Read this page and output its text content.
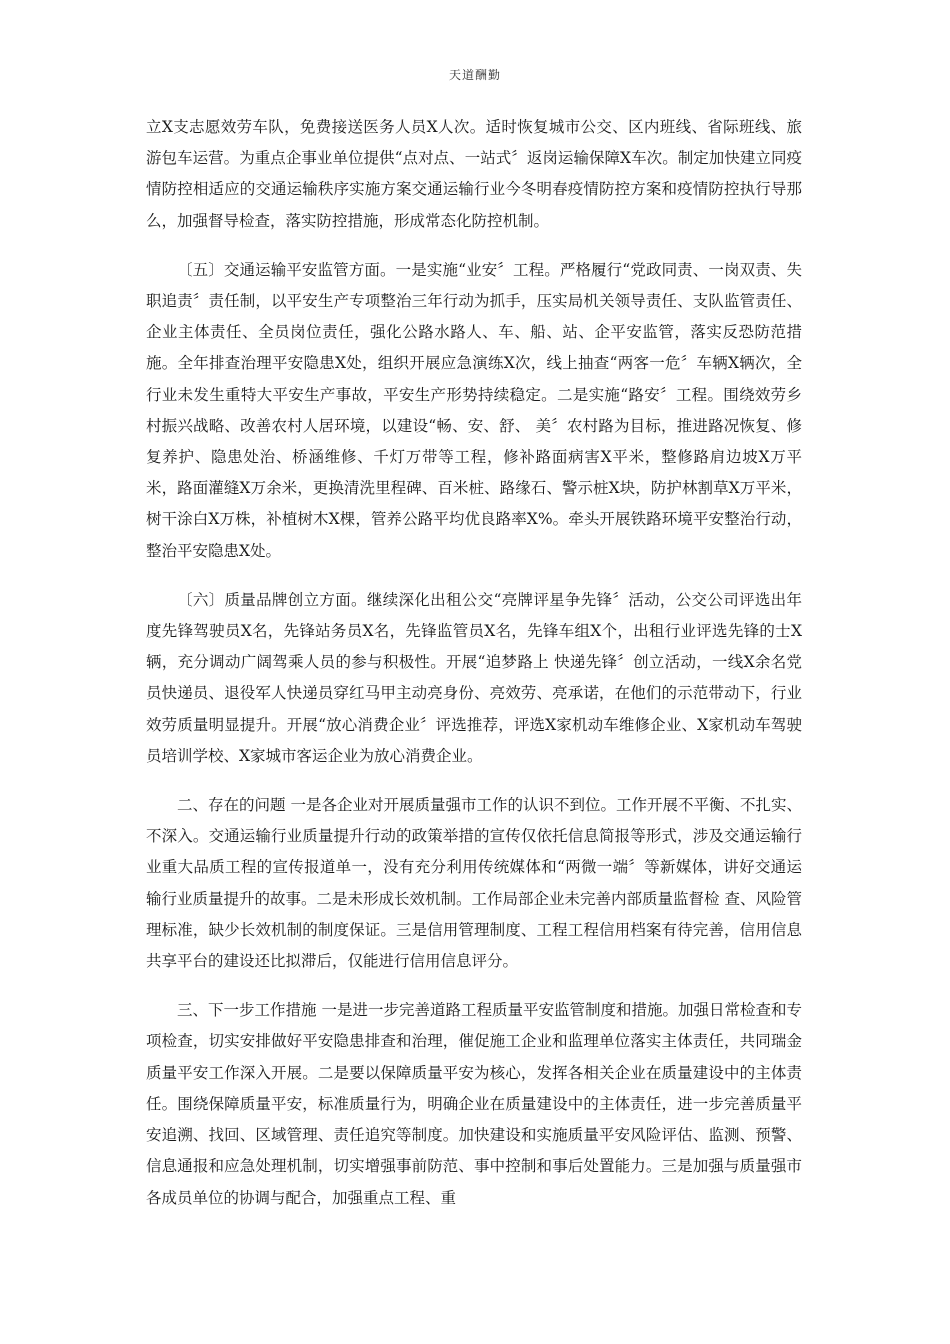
天道酬勤

立X支志愿效劳车队，免费接送医务人员X人次。适时恢复城市公交、区内班线、省际班线、旅游包车运营。为重点企事业单位提供“点对点、一站式〞返岗运输保障X车次。制定加快建立同疫情防控相适应的交通运输秩序实施方案交通运输行业今冬明春疫情防控方案和疫情防控执行导那么，加强督导检查，落实防控措施，形成常态化防控机制。

〔五〕交通运输平安监管方面。一是实施“业安〞工程。严格履行“党政同责、一岗双责、失职追责〞责任制，以平安生产专项整治三年行动为抓手，压实局机关领导责任、支队监管责任、企业主体责任、全员岗位责任，强化公路水路人、车、船、站、企平安监管，落实反恐防范措施。全年排查治理平安隐患X处，组织开展应急演练X次，线上抽查“两客一危〞车辆X辆次，全行业未发生重特大平安生产事故，平安生产形势持续稳定。二是实施“路安〞工程。围绕效劳乡村振兴战略、改善农村人居环境，以建设“畅、安、舒、 美〞农村路为目标，推进路况恢复、修复养护、隐患处治、桥涵维修、千灯万带等工程，修补路面病害X平米，整修路肩边坡X万平米，路面灌缝X万余米，更换清洗里程碑、百米桩、路缘石、警示桩X块，防护林割草X万平米，树干涂白X万株，补植树木X棵，管养公路平均优良路率X%。牵头开展铁路环境平安整治行动，整治平安隐患X处。

〔六〕质量品牌创立方面。继续深化出租公交“亮牌评星争先锋〞活动，公交公司评选出年度先锋驾驶员X名，先锋站务员X名，先锋监管员X名，先锋车组X个，出租行业评选先锋的士X辆，充分调动广阔驾乘人员的参与积极性。开展“追梦路上 快递先锋〞创立活动，一线X余名党员快递员、退役军人快递员穿红马甲主动亮身份、亮效劳、亮承诺，在他们的示范带动下，行业效劳质量明显提升。开展“放心消费企业〞评选推荐，评选X家机动车维修企业、X家机动车驾驶员培训学校、X家城市客运企业为放心消费企业。

二、存在的问题 一是各企业对开展质量强市工作的认识不到位。工作开展不平衡、不扎实、不深入。交通运输行业质量提升行动的政策举措的宣传仅依托信息简报等形式，涉及交通运输行业重大品质工程的宣传报道单一，没有充分利用传统媒体和“两微一端〞等新媒体，讲好交通运输行业质量提升的故事。二是未形成长效机制。工作局部企业未完善内部质量监督检 查、风险管理标准，缺少长效机制的制度保证。三是信用管理制度、工程工程信用档案有待完善，信用信息共享平台的建设还比拟滞后，仅能进行信用信息评分。

三、下一步工作措施 一是进一步完善道路工程质量平安监管制度和措施。加强日常检查和专项检查，切实安排做好平安隐患排查和治理，催促施工企业和监理单位落实主体责任，共同瑞金质量平安工作深入开展。二是要以保障质量平安为核心，发挥各相关企业在质量建设中的主体责任。围绕保障质量平安，标准质量行为，明确企业在质量建设中的主体责任，进一步完善质量平安追溯、找回、区域管理、责任追究等制度。加快建设和实施质量平安风险评估、监测、预警、信息通报和应急处理机制，切实增强事前防范、事中控制和事后处置能力。三是加强与质量强市各成员单位的协调与配合，加强重点工程、重
